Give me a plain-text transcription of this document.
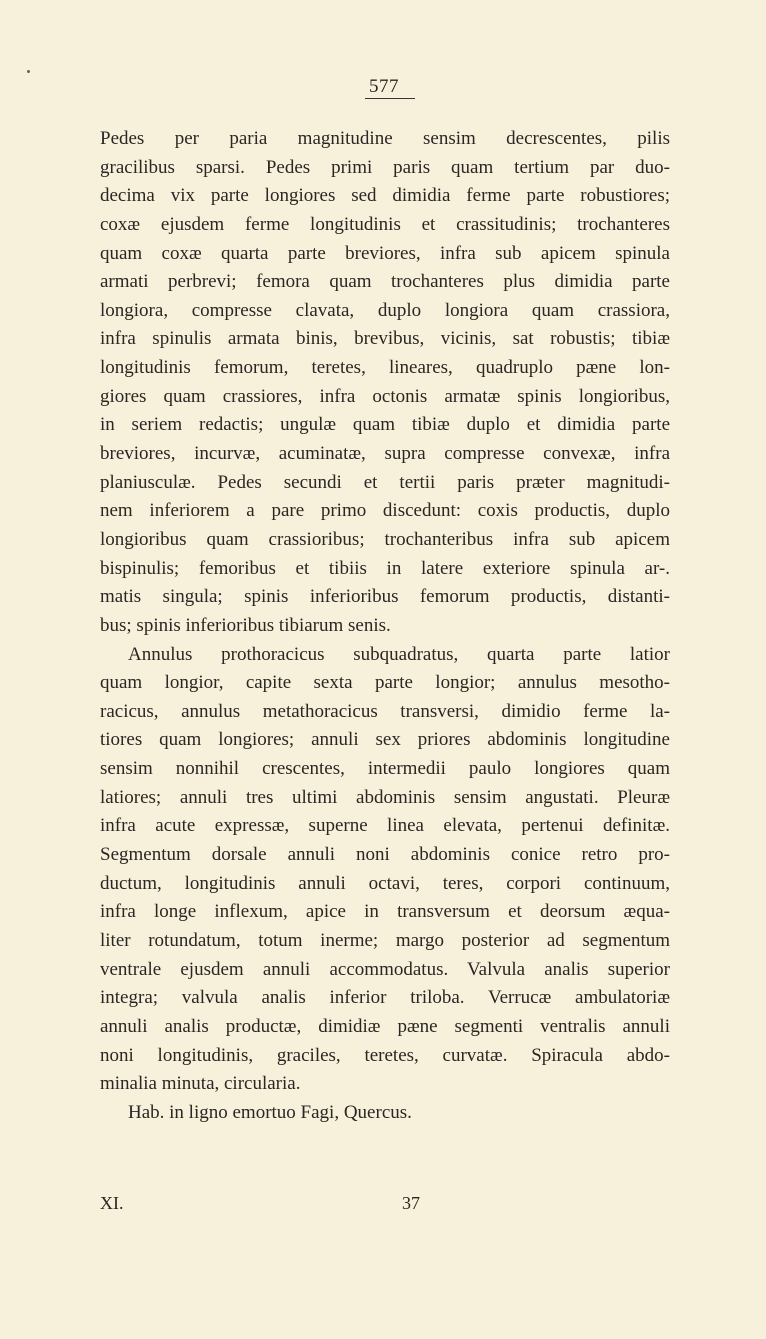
577
Pedes per paria magnitudine sensim decrescentes, pilis
gracilibus sparsi. Pedes primi paris quam tertium par duo-
decima vix parte longiores sed dimidia ferme parte robustiores;
coxæ ejusdem ferme longitudinis et crassitudinis; trochanteres
quam coxæ quarta parte breviores, infra sub apicem spinula
armati perbrevi; femora quam trochanteres plus dimidia parte
longiora, compresse clavata, duplo longiora quam crassiora,
infra spinulis armata binis, brevibus, vicinis, sat robustis; tibiæ
longitudinis femorum, teretes, lineares, quadruplo pæne lon-
giores quam crassiores, infra octonis armatæ spinis longioribus,
in seriem redactis; ungulæ quam tibiæ duplo et dimidia parte
breviores, incurvæ, acuminatæ, supra compresse convexæ, infra
planiusculæ. Pedes secundi et tertii paris præter magnitudi-
nem inferiorem a pare primo discedunt: coxis productis, duplo
longioribus quam crassioribus; trochanteribus infra sub apicem
bispinulis; femoribus et tibiis in latere exteriore spinula ar-.
matis singula; spinis inferioribus femorum productis, distanti-
bus; spinis inferioribus tibiarum senis.
Annulus prothoracicus subquadratus, quarta parte latior
quam longior, capite sexta parte longior; annulus mesotho-
racicus, annulus metathoracicus transversi, dimidio ferme la-
tiores quam longiores; annuli sex priores abdominis longitudine
sensim nonnihil crescentes, intermedii paulo longiores quam
latiores; annuli tres ultimi abdominis sensim angustati. Pleuræ
infra acute expressæ, superne linea elevata, pertenui definitæ.
Segmentum dorsale annuli noni abdominis conice retro pro-
ductum, longitudinis annuli octavi, teres, corpori continuum,
infra longe inflexum, apice in transversum et deorsum æqua-
liter rotundatum, totum inerme; margo posterior ad segmentum
ventrale ejusdem annuli accommodatus. Valvula analis superior
integra; valvula analis inferior triloba. Verrucæ ambulatoriæ
annuli analis productæ, dimidiæ pæne segmenti ventralis annuli
noni longitudinis, graciles, teretes, curvatæ. Spiracula abdo-
minalia minuta, circularia.
Hab. in ligno emortuo Fagi, Quercus.
XI.	37
